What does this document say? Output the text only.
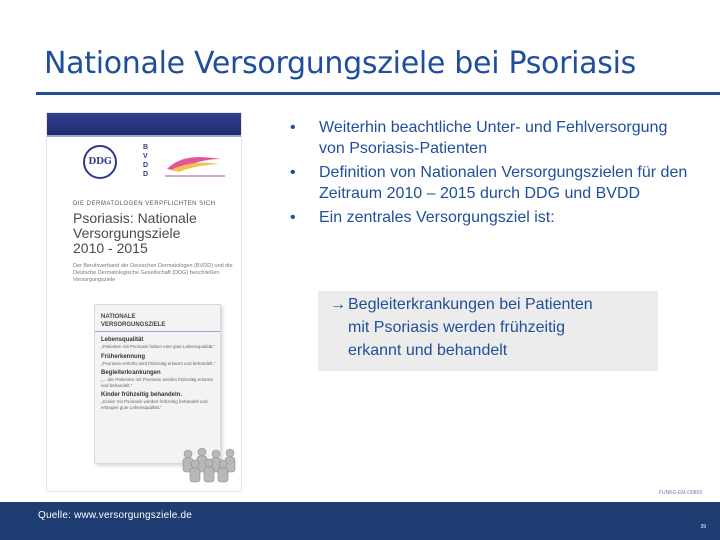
Nationale Versorgungsziele bei Psoriasis
DDG
BVDD
DIE DERMATOLOGEN VERPFLICHTEN SICH
Psoriasis: Nationale
Versorgungsziele
2010 - 2015
Der Berufsverband der Deutschen Dermatologen (BVDD) und die Deutsche Dermatologische Gesellschaft (DDG) beschließen Versorgungsziele
NATIONALE
VERSORGUNGSZIELE
Lebensqualität
„Patienten mit Psoriasis haben eine gute Lebensqualität.“
Früherkennung
„Psoriasis-Arthritis wird frühzeitig erkannt und behandelt.“
Begleiterkrankungen
„... der Patienten mit Psoriasis werden frühzeitig erkannt und behandelt.“
Kinder frühzeitig behandeln.
„Kinder mit Psoriasis werden frühzeitig behandelt und erlangen gute Lebensqualität.“
• Weiterhin beachtliche Unter- und Fehlversorgung von Psoriasis-Patienten
• Definition von Nationalen Versorgungszielen für den Zeitraum 2010 – 2015 durch DDG und BVDD
• Ein zentrales Versorgungsziel ist:
→ Begleiterkrankungen bei Patienten
mit Psoriasis werden frühzeitig
erkannt und behandelt
FUNKG-EM-D0859
Quelle: www.versorgungsziele.de
39
